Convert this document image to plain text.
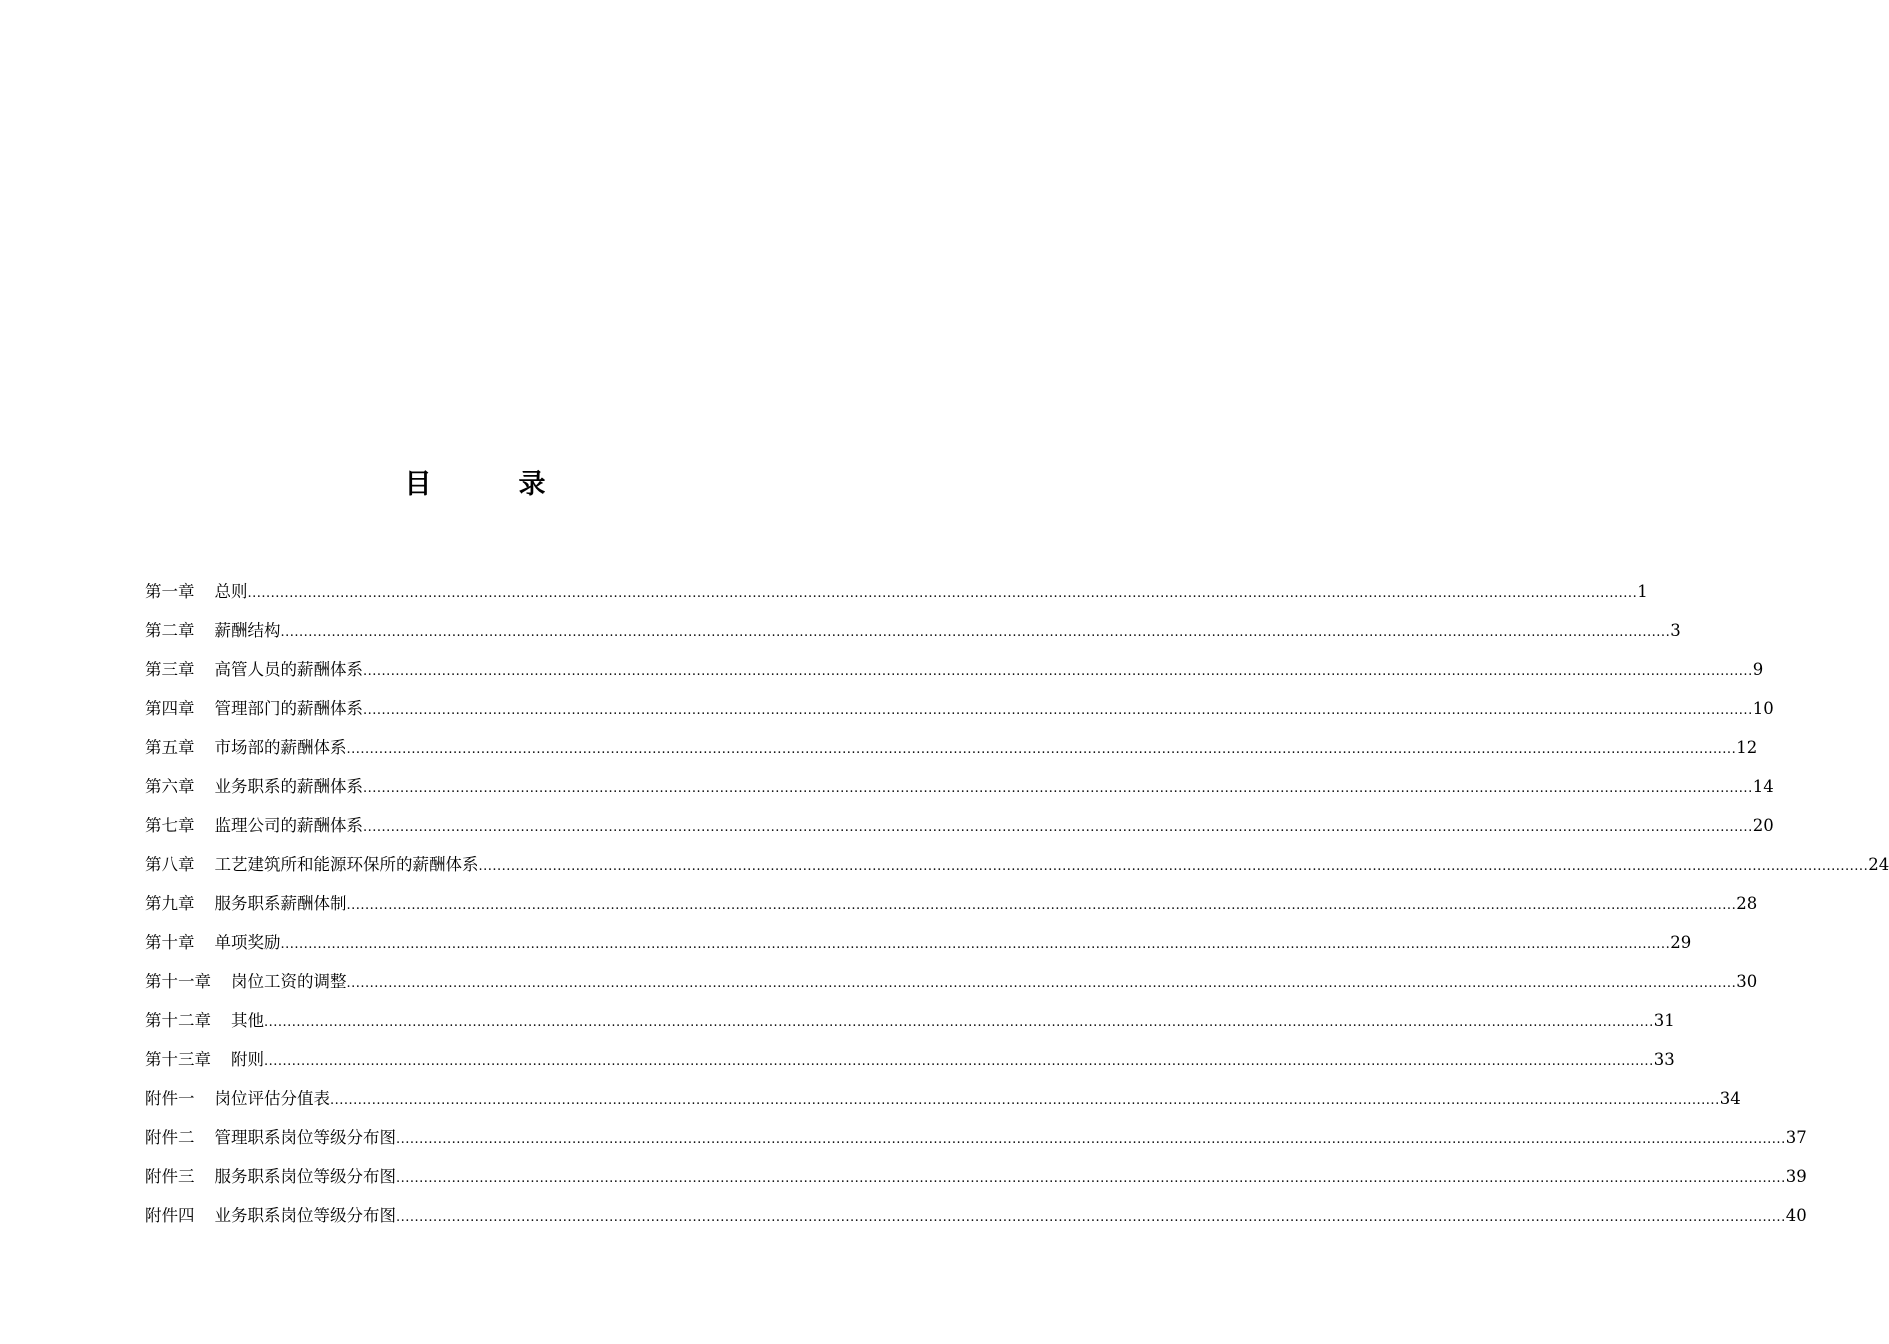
目　录
第一章 总则 ............................................................................................................................................................................................................................................................................................................ 1
第二章 薪酬结构 ............................................................................................................................................................................................................................................................................................................ 3
第三章 高管人员的薪酬体系 ............................................................................................................................................................................................................................................................................................................ 9
第四章 管理部门的薪酬体系 ............................................................................................................................................................................................................................................................................................................ 10
第五章 市场部的薪酬体系 ............................................................................................................................................................................................................................................................................................................ 12
第六章 业务职系的薪酬体系 ............................................................................................................................................................................................................................................................................................................ 14
第七章 监理公司的薪酬体系 ............................................................................................................................................................................................................................................................................................................ 20
第八章 工艺建筑所和能源环保所的薪酬体系 ............................................................................................................................................................................................................................................................................................................ 24
第九章 服务职系薪酬体制 ............................................................................................................................................................................................................................................................................................................ 28
第十章 单项奖励 ............................................................................................................................................................................................................................................................................................................ 29
第十一章 岗位工资的调整 ............................................................................................................................................................................................................................................................................................................ 30
第十二章 其他 ............................................................................................................................................................................................................................................................................................................ 31
第十三章 附则 ............................................................................................................................................................................................................................................................................................................ 33
附件一 岗位评估分值表 ............................................................................................................................................................................................................................................................................................................ 34
附件二 管理职系岗位等级分布图 ............................................................................................................................................................................................................................................................................................................ 37
附件三 服务职系岗位等级分布图 ............................................................................................................................................................................................................................................................................................................ 39
附件四 业务职系岗位等级分布图 ............................................................................................................................................................................................................................................................................................................ 40
